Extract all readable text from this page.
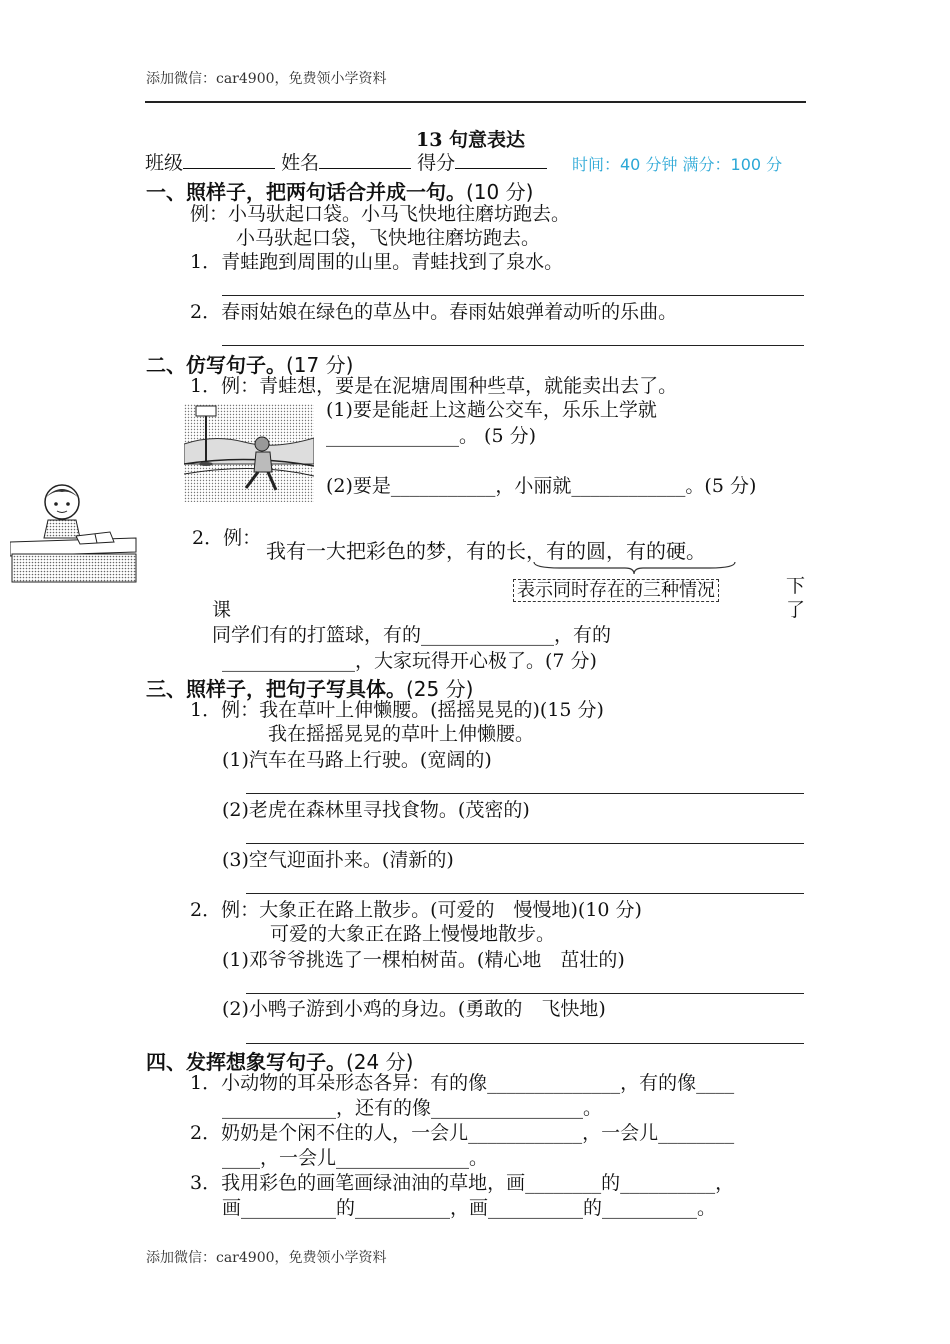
添加微信：car4900，免费领小学资料
13 句意表达
班级	姓名	得分	时间：40 分钟 满分：100 分
一、照样子，把两句话合并成一句。(10 分)
例：小马驮起口袋。小马飞快地往磨坊跑去。
小马驮起口袋，飞快地往磨坊跑去。
1．青蛙跑到周围的山里。青蛙找到了泉水。
2．春雨姑娘在绿色的草丛中。春雨姑娘弹着动听的乐曲。
二、仿写句子。(17 分)
1．例：青蛙想，要是在泥塘周围种些草，就能卖出去了。
(1)要是能赶上这趟公交车，乐乐上学就
______________。 (5 分)
(2)要是___________，小丽就____________。(5 分)
2．例：
我有一大把彩色的梦，有的长，有的圆，有的硬。
表示同时存在的三种情况	下
了
课
同学们有的打篮球，有的______________，有的
______________，大家玩得开心极了。(7 分)
三、照样子，把句子写具体。(25 分)
1．例：我在草叶上伸懒腰。(摇摇晃晃的)(15 分)
我在摇摇晃晃的草叶上伸懒腰。
(1)汽车在马路上行驶。(宽阔的)
(2)老虎在森林里寻找食物。(茂密的)
(3)空气迎面扑来。(清新的)
2．例：大象正在路上散步。(可爱的　慢慢地)(10 分)
可爱的大象正在路上慢慢地散步。
(1)邓爷爷挑选了一棵柏树苗。(精心地　茁壮的)
(2)小鸭子游到小鸡的身边。(勇敢的　飞快地)
四、发挥想象写句子。(24 分)
1．小动物的耳朵形态各异：有的像______________，有的像____
____________，还有的像________________。
2．奶奶是个闲不住的人，一会儿____________，一会儿________
____，一会儿______________。
3．我用彩色的画笔画绿油油的草地，画________的__________，
画__________的__________，画__________的__________。
添加微信：car4900，免费领小学资料
